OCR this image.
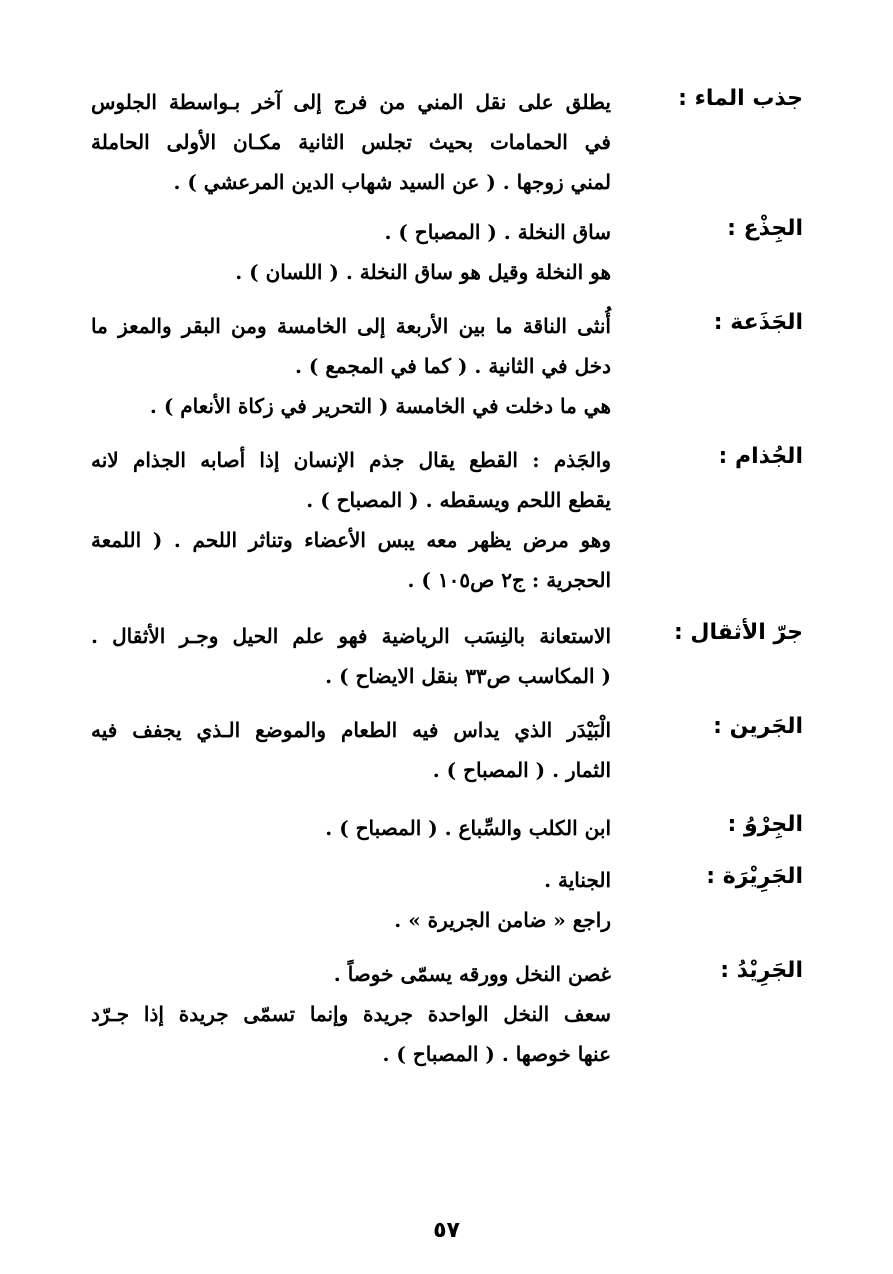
جذب الماء :
يطلق على نقل المني من فرج إلى آخر بـواسطة الجلوس
في الحمامات بحيث تجلس الثانية مكـان الأولى الحاملة
لمني زوجها . ( عن السيد شهاب الدين المرعشي ) .
الجِذْع :
ساق النخلة . ( المصباح ) .
هو النخلة وقيل هو ساق النخلة . ( اللسان ) .
الجَذَعة :
أُنثى الناقة ما بين الأربعة إلى الخامسة ومن البقر والمعز ما
دخل في الثانية . ( كما في المجمع ) .
هي ما دخلت في الخامسة ( التحرير في زكاة الأنعام ) .
الجُذام :
والجَذم : القطع يقال جذم الإنسان إذا أصابه الجذام لانه
يقطع اللحم ويسقطه . ( المصباح ) .
وهو مرض يظهر معه يبس الأعضاء وتناثر اللحم . ( اللمعة
الحجرية : ج٢ ص١٠٥ ) .
جرّ الأثقال :
الاستعانة بالنِسَب الرياضية فهو علم الحيل وجـر الأثقال .
( المكاسب ص٣٣ بنقل الايضاح ) .
الجَرين :
الْبَيْدَر الذي يداس فيه الطعام والموضع الـذي يجفف فيه
الثمار . ( المصباح ) .
الجِرْوُ :
ابن الكلب والسِّباع . ( المصباح ) .
الجَرِيْرَة :
الجناية .
راجع « ضامن الجريرة » .
الجَرِيْدُ :
غصن النخل وورقه يسمّى خوصاً .
سعف النخل الواحدة جريدة وإنما تسمّى جريدة إذا جـرّد
عنها خوصها . ( المصباح ) .
٥٧
